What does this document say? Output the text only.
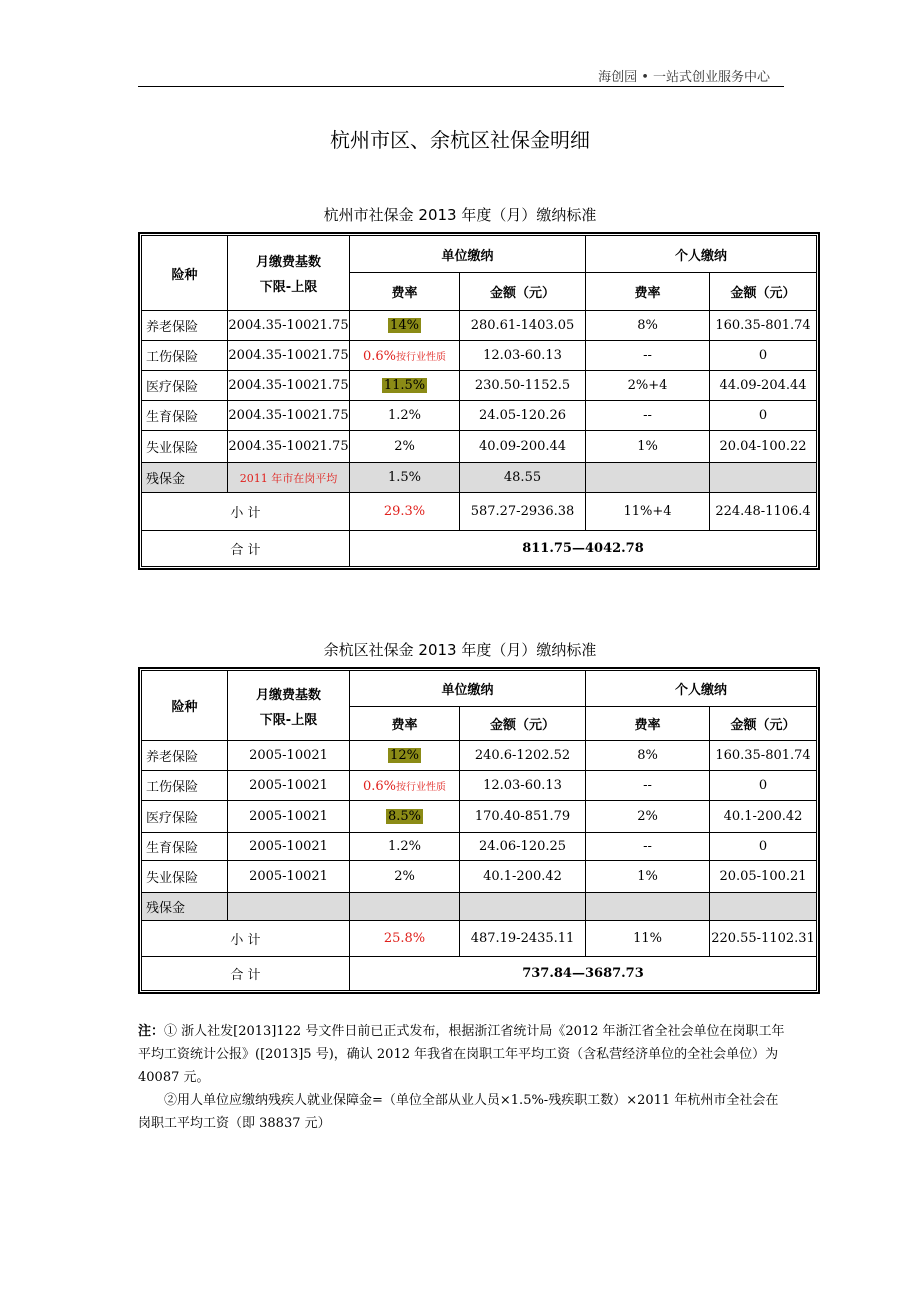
海创园 • 一站式创业服务中心
杭州市区、余杭区社保金明细
杭州市社保金 2013 年度（月）缴纳标准
险种	月缴费基数
下限-上限	单位缴纳		个人缴纳	
		费率	金额（元）	费率	金额（元）
养老保险	2004.35-10021.75	14%	280.61-1403.05	8%	160.35-801.74
工伤保险	2004.35-10021.75	0.6%按行业性质	12.03-60.13	--	0
医疗保险	2004.35-10021.75	11.5%	230.50-1152.5	2%+4	44.09-204.44
生育保险	2004.35-10021.75	1.2%	24.05-120.26	--	0
失业保险	2004.35-10021.75	2%	40.09-200.44	1%	20.04-100.22
残保金	2011 年市在岗平均	1.5%	48.55		
小 计		29.3%	587.27-2936.38	11%+4	224.48-1106.4
合 计		811.75—4042.78			
余杭区社保金 2013 年度（月）缴纳标准
险种	月缴费基数
下限-上限	单位缴纳		个人缴纳	
		费率	金额（元）	费率	金额（元）
养老保险	2005-10021	12%	240.6-1202.52	8%	160.35-801.74
工伤保险	2005-10021	0.6%按行业性质	12.03-60.13	--	0
医疗保险	2005-10021	8.5%	170.40-851.79	2%	40.1-200.42
生育保险	2005-10021	1.2%	24.06-120.25	--	0
失业保险	2005-10021	2%	40.1-200.42	1%	20.05-100.21
残保金					
小 计		25.8%	487.19-2435.11	11%	220.55-1102.31
合 计		737.84—3687.73			

注：① 浙人社发[2013]122 号文件日前已正式发布，根据浙江省统计局《2012 年浙江省全社会单位在岗职工年平均工资统计公报》([2013]5 号)，确认 2012 年我省在岗职工年平均工资（含私营经济单位的全社会单位）为 40087 元。

②用人单位应缴纳残疾人就业保障金=（单位全部从业人员×1.5%-残疾职工数）×2011 年杭州市全社会在岗职工平均工资（即 38837 元）
